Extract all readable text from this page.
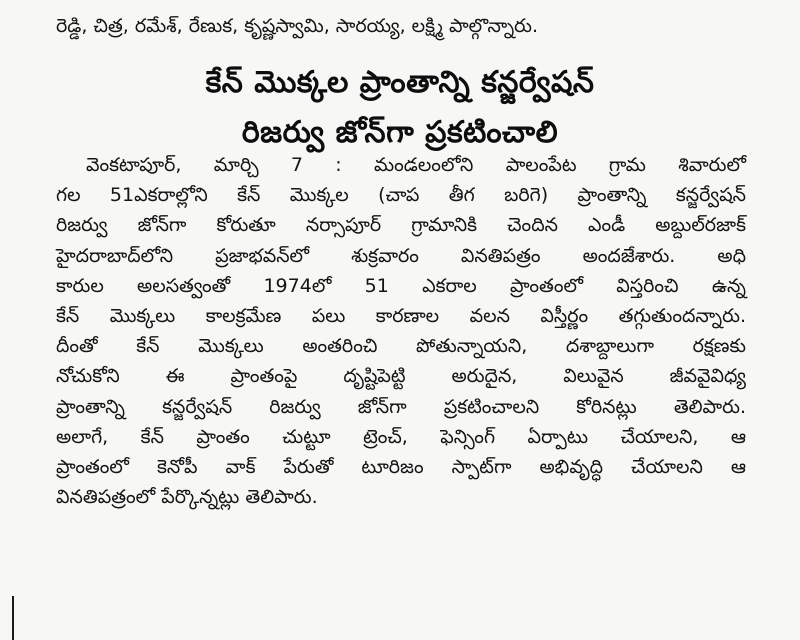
రెడ్డి, చిత్ర, రమేశ్, రేణుక, కృష్ణస్వామి, సారయ్య, లక్ష్మి పాల్గొన్నారు.
కేన్ మొక్కల ప్రాంతాన్ని కన్జర్వేషన్
రిజర్వు జోన్‌గా ప్రకటించాలి
వెంకటాపూర్, మార్చి 7 : మండలంలోని పాలంపేట గ్రామ శివారులో
గల 51ఎకరాల్లోని కేన్ మొక్కల (చాప తీగ బరిగె) ప్రాంతాన్ని కన్జర్వేషన్
రిజర్వు జోన్‌గా కోరుతూ నర్సాపూర్ గ్రామానికి చెందిన ఎండీ అబ్దుల్‌రజాక్
హైదరాబాద్‌లోని ప్రజాభవన్‌లో శుక్రవారం వినతిపత్రం అందజేశారు. అధి
కారుల అలసత్వంతో 1974లో 51 ఎకరాల ప్రాంతంలో విస్తరించి ఉన్న
కేన్ మొక్కలు కాలక్రమేణ పలు కారణాల వలన విస్తీర్ణం తగ్గుతుందన్నారు.
దీంతో కేన్ మొక్కలు అంతరించి పోతున్నాయని, దశాబ్దాలుగా రక్షణకు
నోచుకోని ఈ ప్రాంతంపై దృష్టిపెట్టి అరుదైన, విలువైన జీవవైవిధ్య
ప్రాంతాన్ని కన్జర్వేషన్ రిజర్వు జోన్‌గా ప్రకటించాలని కోరినట్లు తెలిపారు.
అలాగే, కేన్ ప్రాంతం చుట్టూ ట్రెంచ్, ఫెన్సింగ్ ఏర్పాటు చేయాలని, ఆ
ప్రాంతంలో కెనోపీ వాక్ పేరుతో టూరిజం స్పాట్‌గా అభివృద్ధి చేయాలని ఆ
వినతిపత్రంలో పేర్కొన్నట్లు తెలిపారు.
